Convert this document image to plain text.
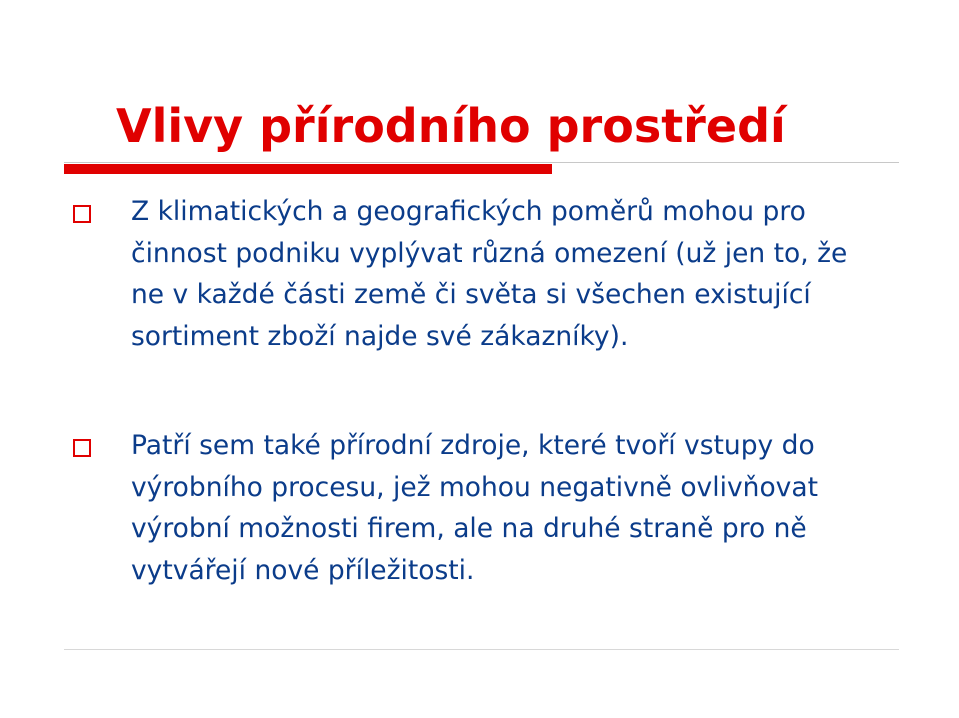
Vlivy přírodního prostředí

Z klimatických a geografických poměrů mohou pro činnost podniku vyplývat různá omezení (už jen to, že ne v každé části země či světa si všechen existující sortiment zboží najde své zákazníky).

Patří sem také přírodní zdroje, které tvoří vstupy do výrobního procesu, jež mohou negativně ovlivňovat výrobní možnosti firem, ale na druhé straně pro ně vytvářejí nové příležitosti.
